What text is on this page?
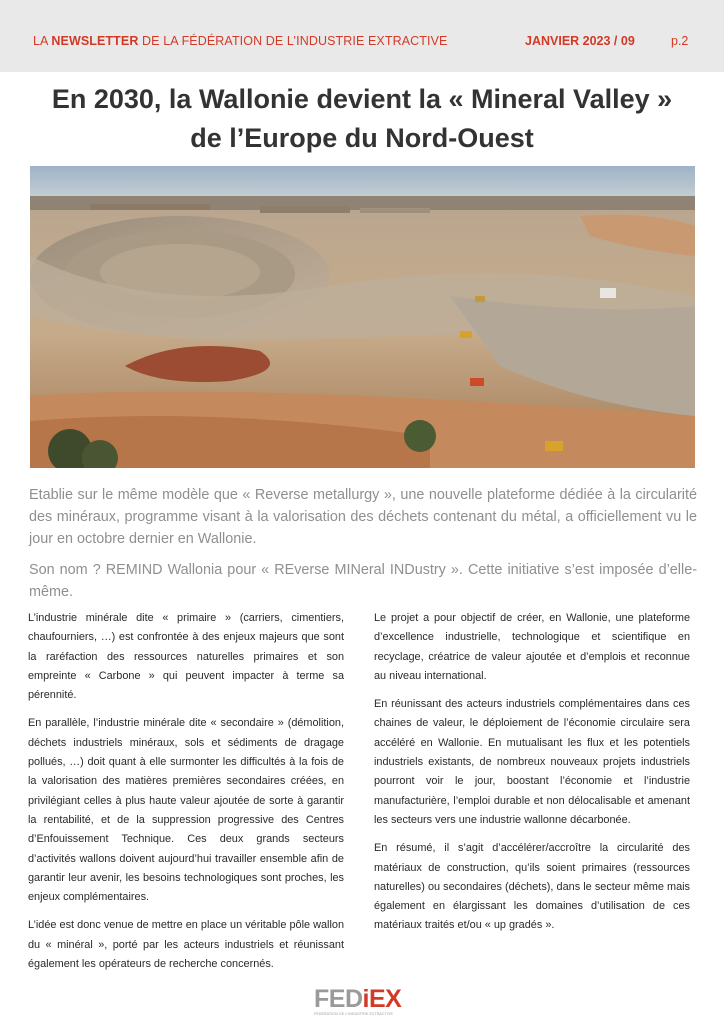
LA NEWSLETTER DE LA FÉDÉRATION DE L’INDUSTRIE EXTRACTIVE	JANVIER 2023 / 09	p.2
En 2030, la Wallonie devient la « Mineral Valley »
de l’Europe du Nord-Ouest

Etablie sur le même modèle que « Reverse metallurgy », une nouvelle plateforme dédiée à la circularité des minéraux, programme visant à la valorisation des déchets contenant du métal, a officiellement vu le jour en octobre dernier en Wallonie.

Son nom ? REMIND Wallonia pour « REverse MINeral INDustry ». Cette initiative s’est imposée d’elle-même.

L’industrie minérale dite « primaire » (carriers, cimentiers, chaufourniers, …) est confrontée à des enjeux majeurs que sont la raréfaction des ressources naturelles primaires et son empreinte « Carbone » qui peuvent impacter à terme sa pérennité.

En parallèle, l’industrie minérale dite « secondaire » (démolition, déchets industriels minéraux, sols et sédiments de dragage pollués, …) doit quant à elle surmonter les difficultés à la fois de la valorisation des matières premières secondaires créées, en privilégiant celles à plus haute valeur ajoutée de sorte à garantir la rentabilité, et de la suppression progressive des Centres d’Enfouissement Technique. Ces deux grands secteurs d’activités wallons doivent aujourd’hui travailler ensemble afin de garantir leur avenir, les besoins technologiques sont proches, les enjeux complémentaires.

L’idée est donc venue de mettre en place un véritable pôle wallon du « minéral », porté par les acteurs industriels et réunissant également les opérateurs de recherche concernés.

Le projet a pour objectif de créer, en Wallonie, une plateforme d’excellence industrielle, technologique et scientifique en recyclage, créatrice de valeur ajoutée et d’emplois et reconnue au niveau international.

En réunissant des acteurs industriels complémentaires dans ces chaines de valeur, le déploiement de l’économie circulaire sera accéléré en Wallonie. En mutualisant les flux et les potentiels industriels existants, de nombreux nouveaux projets industriels pourront voir le jour, boostant l’économie et l’industrie manufacturière, l’emploi durable et non délocalisable et amenant les secteurs vers une industrie wallonne décarbonée.

En résumé, il s’agit d’accélérer/accroître la circularité des matériaux de construction, qu’ils soient primaires (ressources naturelles) ou secondaires (déchets), dans le secteur même mais également en élargissant les domaines d’utilisation de ces matériaux traités et/ou « up gradés ».

FEDiEX
FÉDÉRATION DE L’INDUSTRIE EXTRACTIVE
